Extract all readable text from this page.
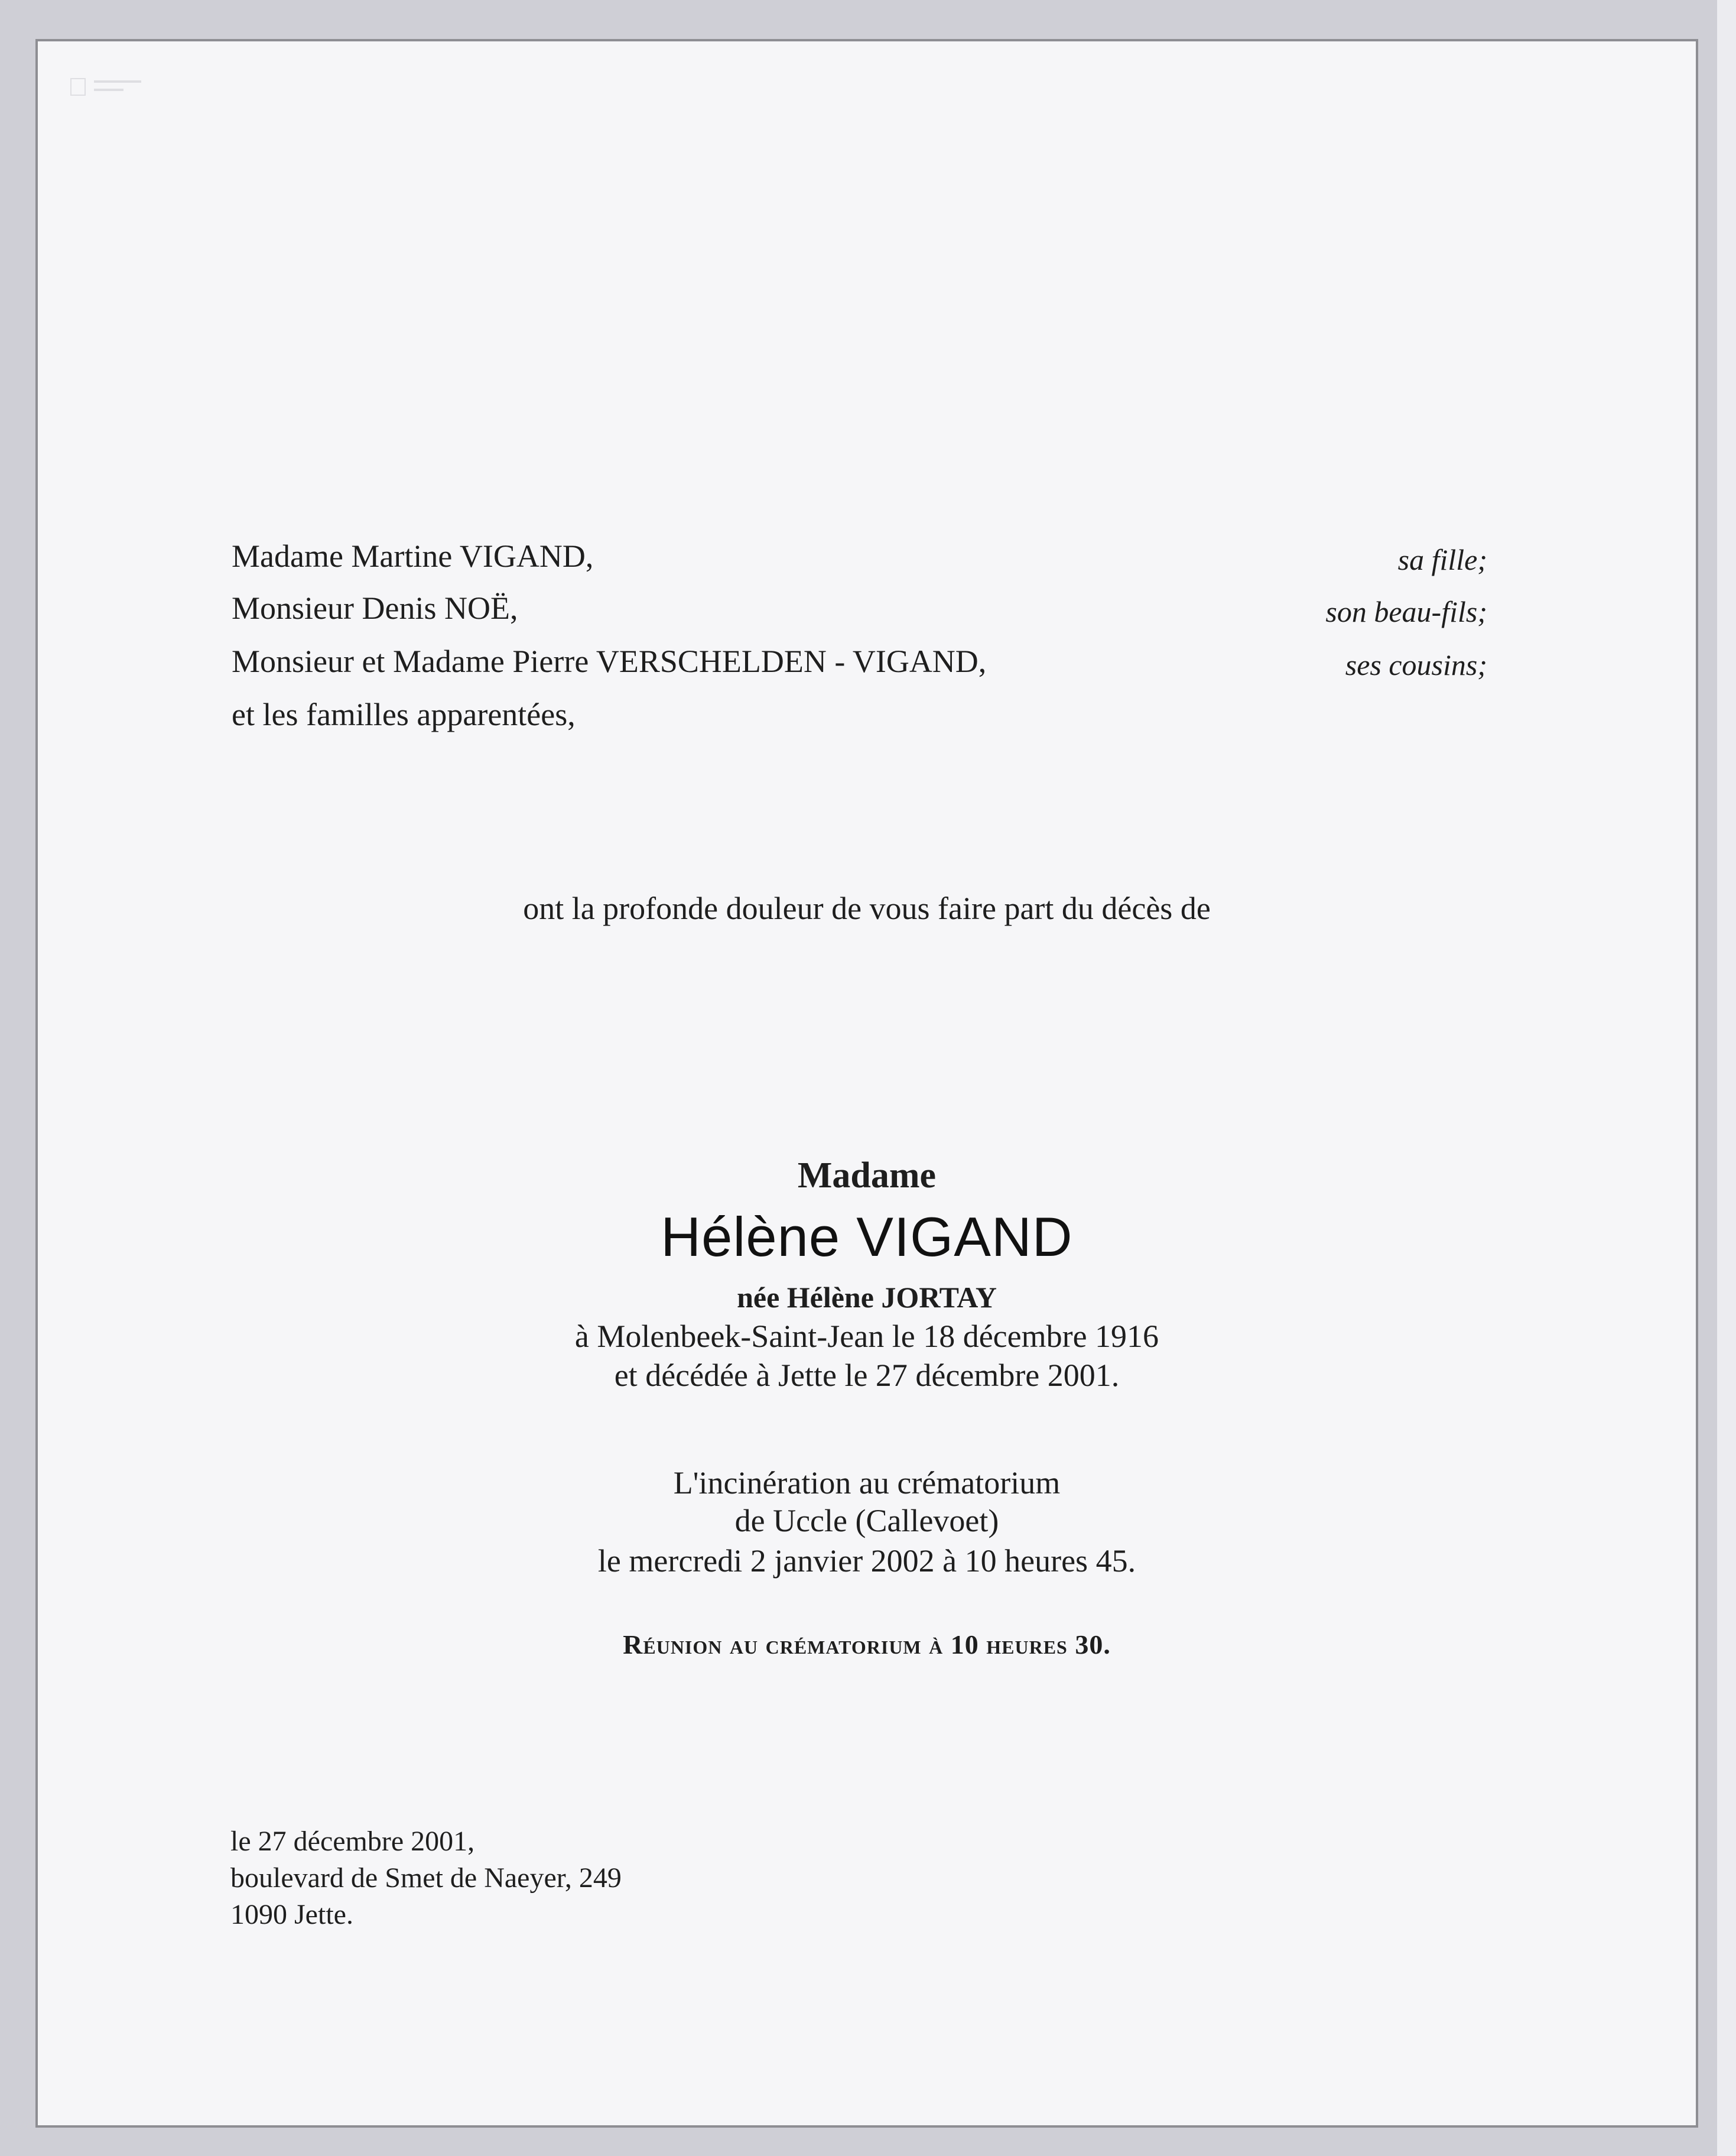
Madame Martine VIGAND,
Monsieur Denis NOË,
Monsieur et Madame Pierre VERSCHELDEN - VIGAND,
et les familles apparentées,
sa fille;
son beau-fils;
ses cousins;
ont la profonde douleur de vous faire part du décès de
Madame
Hélène VIGAND
née Hélène JORTAY
à Molenbeek-Saint-Jean le 18 décembre 1916
et décédée à Jette le 27 décembre 2001.
L'incinération au crématorium
de Uccle (Callevoet)
le mercredi 2 janvier 2002 à 10 heures 45.
Réunion au crématorium à 10 heures 30.
le 27 décembre 2001,
boulevard de Smet de Naeyer, 249
1090 Jette.
